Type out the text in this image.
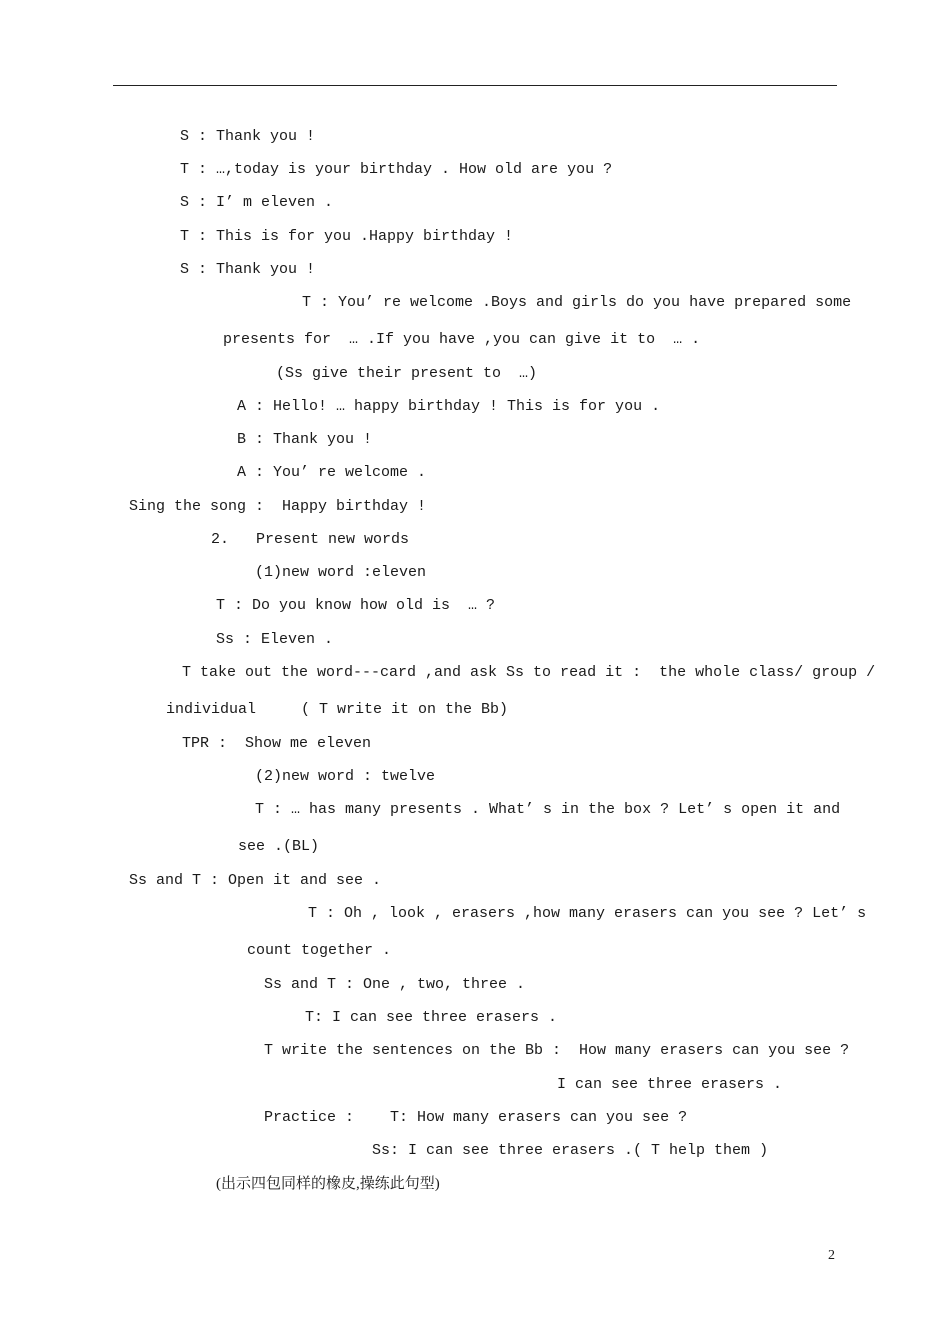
S : Thank you !
T : …,today is your birthday . How old are you ?
S : I’ m eleven .
T : This is for you .Happy birthday !
S : Thank you !
T : You’ re welcome .Boys and girls do you have prepared some
presents for  … .If you have ,you can give it to  … .
(Ss give their present to  …)
A : Hello! … happy birthday ! This is for you .
B : Thank you !
A : You’ re welcome .
Sing the song :  Happy birthday !
2.   Present new words
(1)new word :eleven
T : Do you know how old is  … ?
Ss : Eleven .
T take out the word---card ,and ask Ss to read it :  the whole class/ group /
individual     ( T write it on the Bb)
TPR :  Show me eleven
(2)new word : twelve
T : … has many presents . What’ s in the box ? Let’ s open it and
see .(BL)
Ss and T : Open it and see .
T : Oh , look , erasers ,how many erasers can you see ? Let’ s
count together .
Ss and T : One , two, three .
T: I can see three erasers .
T write the sentences on the Bb :  How many erasers can you see ?
I can see three erasers .
Practice :    T: How many erasers can you see ?
Ss: I can see three erasers .( T help them )
(出示四包同样的橡皮,操练此句型)
2
